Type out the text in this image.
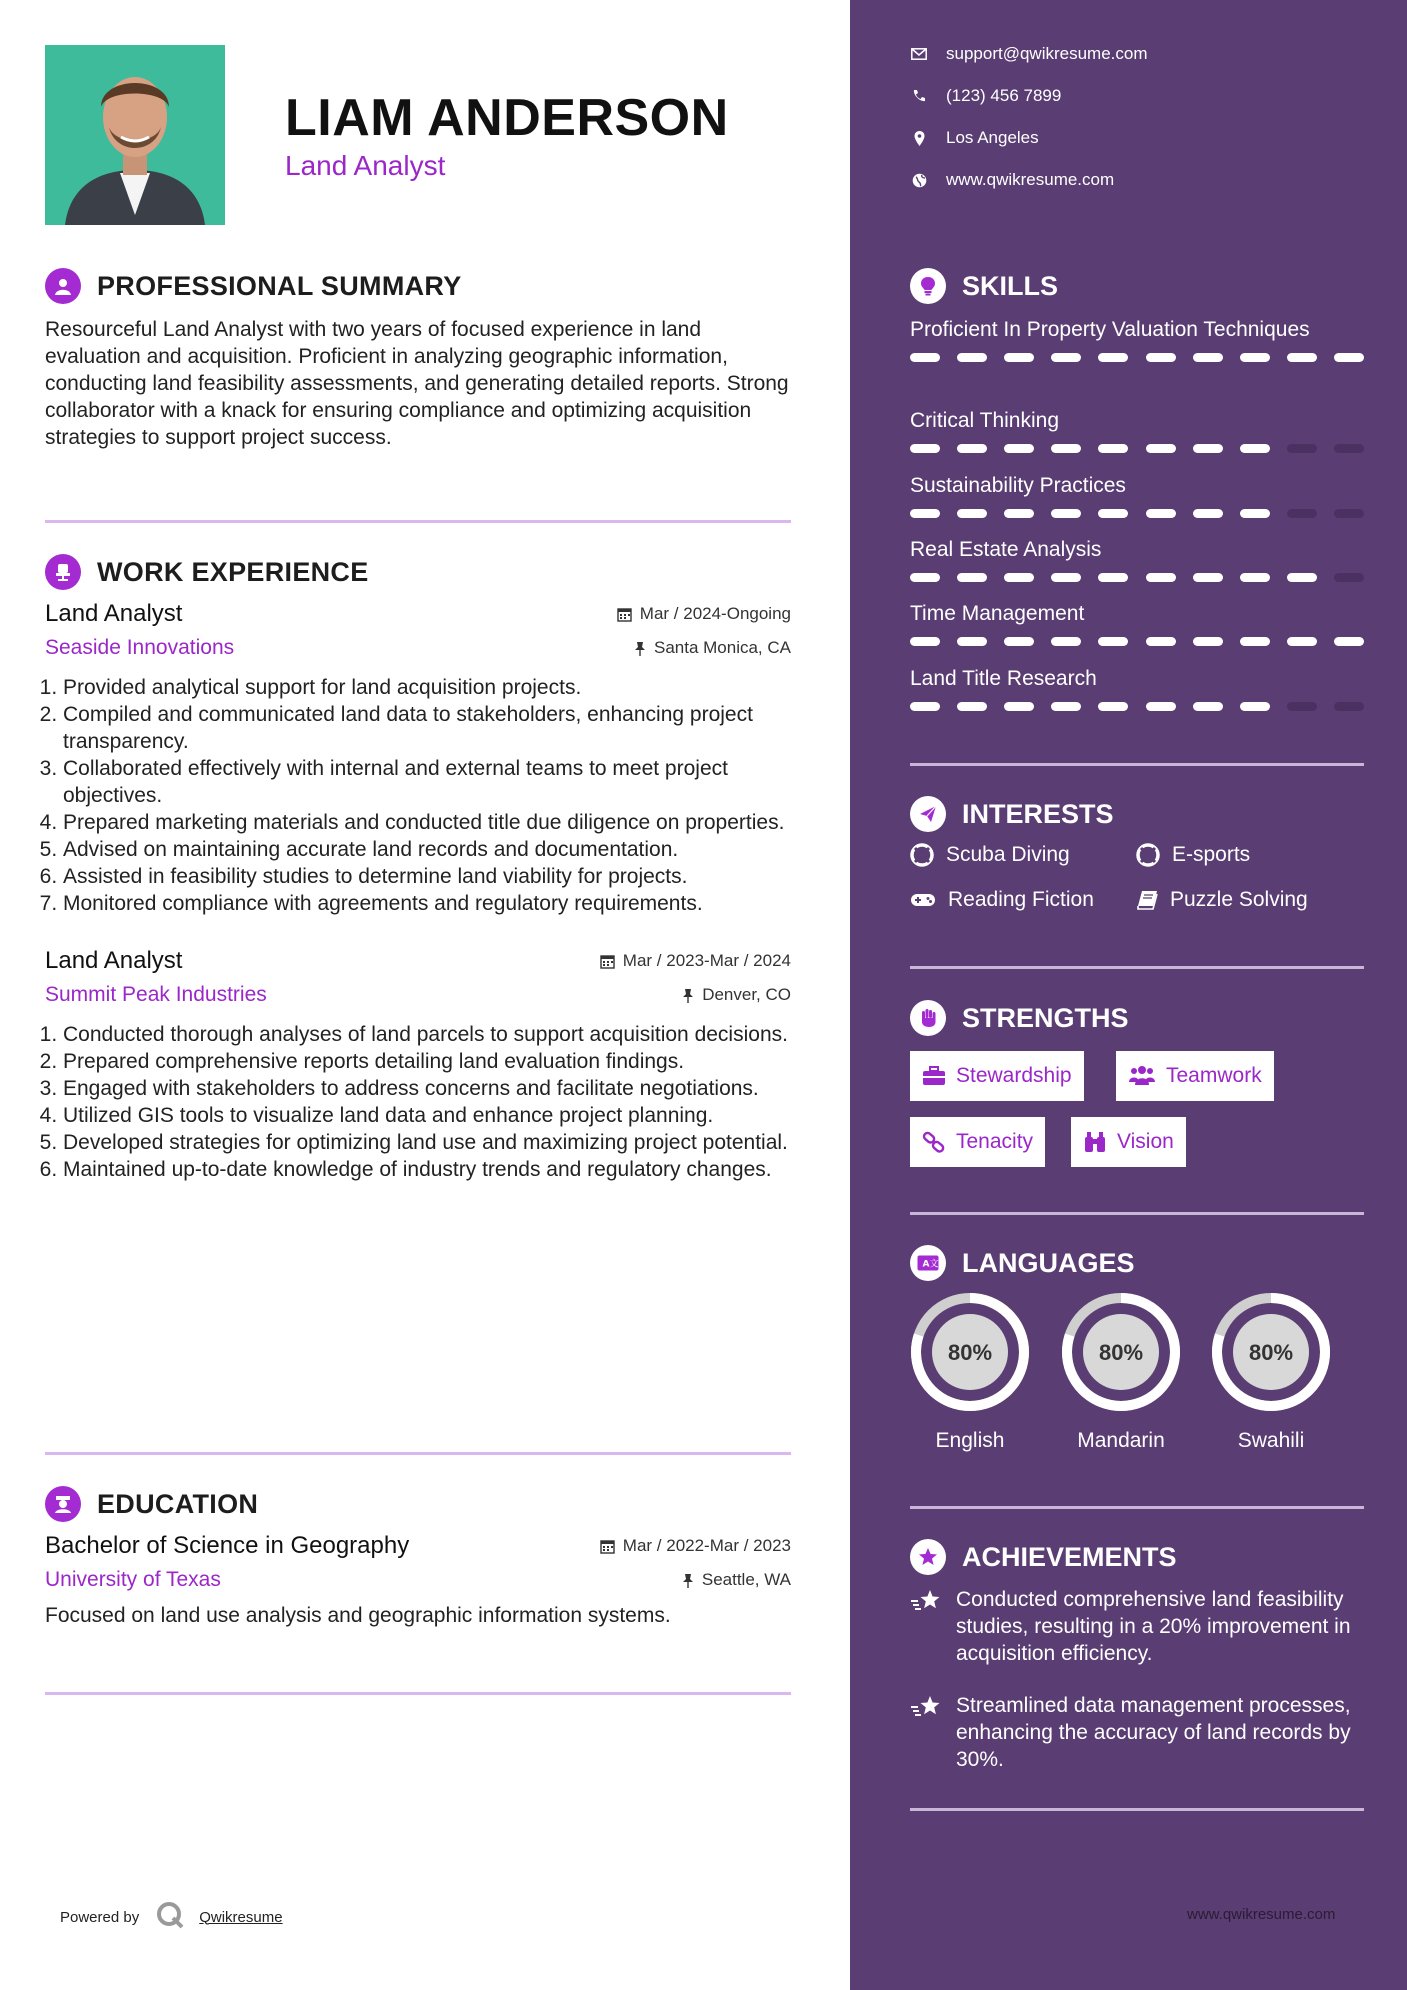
LIAM ANDERSON
Land Analyst
PROFESSIONAL SUMMARY
Resourceful Land Analyst with two years of focused experience in land evaluation and acquisition. Proficient in analyzing geographic information, conducting land feasibility assessments, and generating detailed reports. Strong collaborator with a knack for ensuring compliance and optimizing acquisition strategies to support project success.
WORK EXPERIENCE
Land Analyst	Mar / 2024-Ongoing
Seaside Innovations	Santa Monica, CA
1. Provided analytical support for land acquisition projects.
2. Compiled and communicated land data to stakeholders, enhancing project transparency.
3. Collaborated effectively with internal and external teams to meet project objectives.
4. Prepared marketing materials and conducted title due diligence on properties.
5. Advised on maintaining accurate land records and documentation.
6. Assisted in feasibility studies to determine land viability for projects.
7. Monitored compliance with agreements and regulatory requirements.
Land Analyst	Mar / 2023-Mar / 2024
Summit Peak Industries	Denver, CO
1. Conducted thorough analyses of land parcels to support acquisition decisions.
2. Prepared comprehensive reports detailing land evaluation findings.
3. Engaged with stakeholders to address concerns and facilitate negotiations.
4. Utilized GIS tools to visualize land data and enhance project planning.
5. Developed strategies for optimizing land use and maximizing project potential.
6. Maintained up-to-date knowledge of industry trends and regulatory changes.
EDUCATION
Bachelor of Science in Geography	Mar / 2022-Mar / 2023
University of Texas	Seattle, WA
Focused on land use analysis and geographic information systems.
support@qwikresume.com
(123) 456 7899
Los Angeles
www.qwikresume.com
SKILLS
Proficient In Property Valuation Techniques
Critical Thinking
Sustainability Practices
Real Estate Analysis
Time Management
Land Title Research
INTERESTS
Scuba Diving	E-sports
Reading Fiction	Puzzle Solving
STRENGTHS
Stewardship	Teamwork
Tenacity	Vision
A 文 LANGUAGES
80%
English
80%
Mandarin
80%
Swahili
ACHIEVEMENTS
Conducted comprehensive land feasibility studies, resulting in a 20% improvement in acquisition efficiency.
Streamlined data management processes, enhancing the accuracy of land records by 30%.
Powered by	Qwikresume	www.qwikresume.com
